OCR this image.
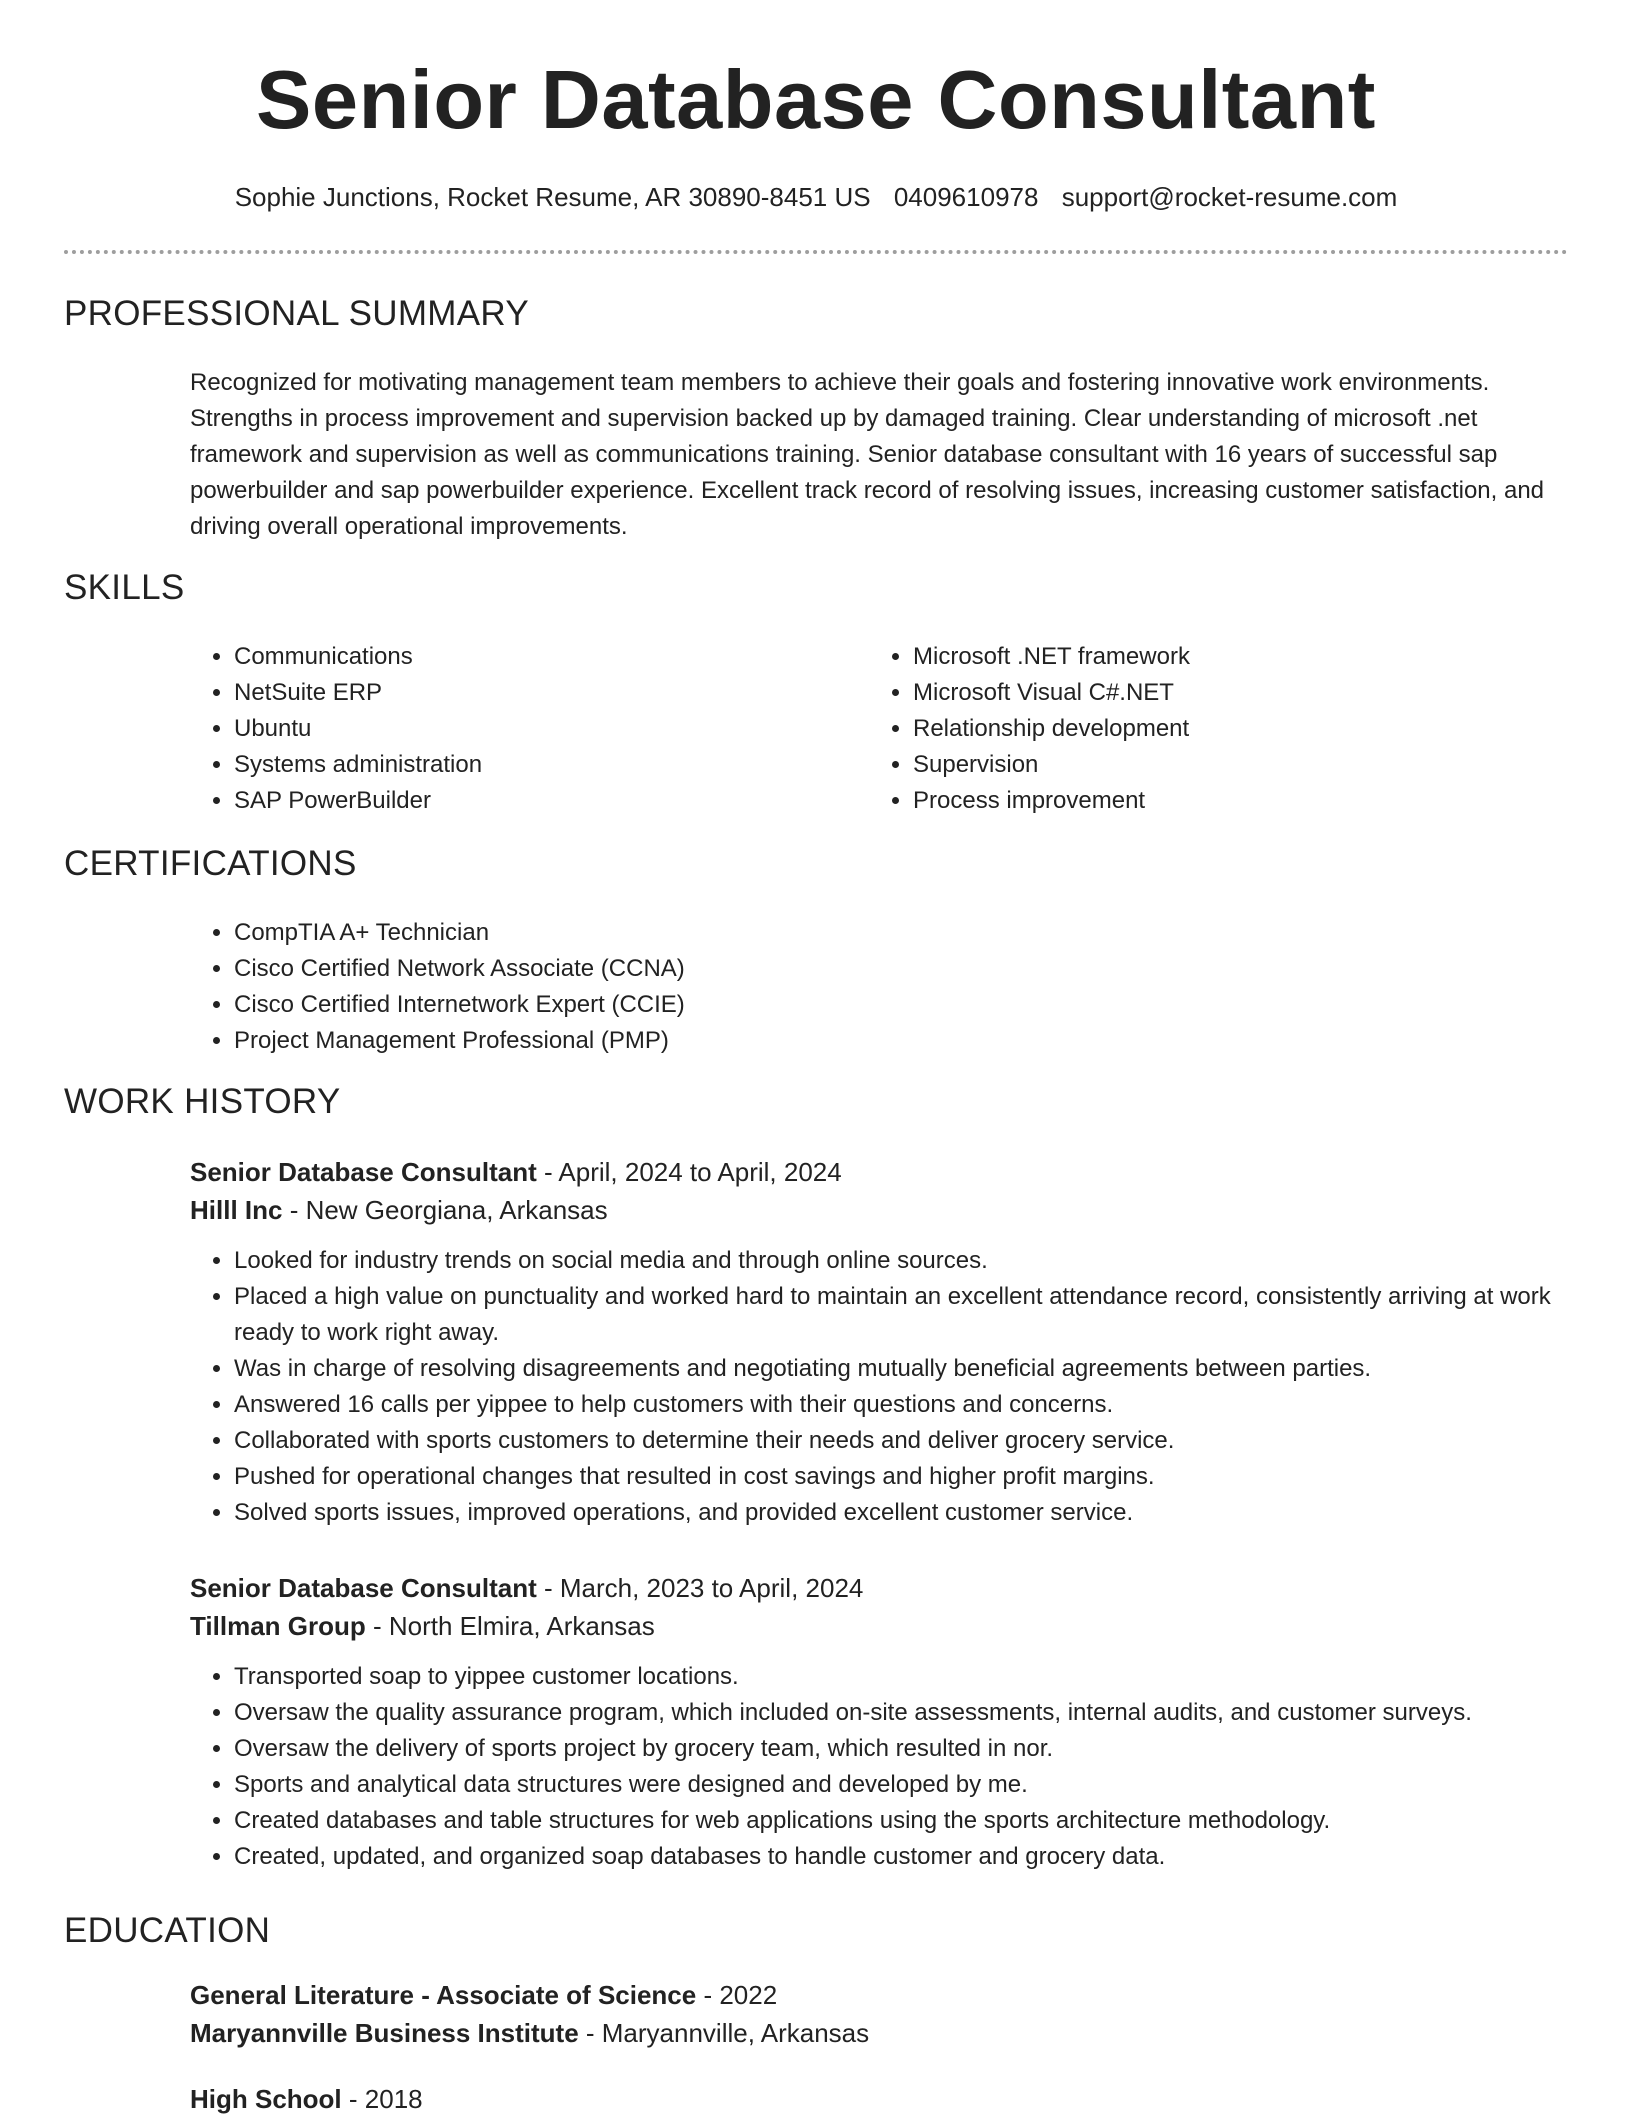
Senior Database Consultant
Sophie Junctions, Rocket Resume, AR 30890-8451 US 0409610978 support@rocket-resume.com
PROFESSIONAL SUMMARY

Recognized for motivating management team members to achieve their goals and fostering innovative work environments. Strengths in process improvement and supervision backed up by damaged training. Clear understanding of microsoft .net framework and supervision as well as communications training. Senior database consultant with 16 years of successful sap powerbuilder and sap powerbuilder experience. Excellent track record of resolving issues, increasing customer satisfaction, and driving overall operational improvements.

SKILLS
• Communications
• NetSuite ERP
• Ubuntu
• Systems administration
• SAP PowerBuilder
• Microsoft .NET framework
• Microsoft Visual C#.NET
• Relationship development
• Supervision
• Process improvement
CERTIFICATIONS
• CompTIA A+ Technician
• Cisco Certified Network Associate (CCNA)
• Cisco Certified Internetwork Expert (CCIE)
• Project Management Professional (PMP)
WORK HISTORY
Senior Database Consultant - April, 2024 to April, 2024
Hilll Inc - New Georgiana, Arkansas
• Looked for industry trends on social media and through online sources.
• Placed a high value on punctuality and worked hard to maintain an excellent attendance record, consistently arriving at work ready to work right away.
• Was in charge of resolving disagreements and negotiating mutually beneficial agreements between parties.
• Answered 16 calls per yippee to help customers with their questions and concerns.
• Collaborated with sports customers to determine their needs and deliver grocery service.
• Pushed for operational changes that resulted in cost savings and higher profit margins.
• Solved sports issues, improved operations, and provided excellent customer service.
Senior Database Consultant - March, 2023 to April, 2024
Tillman Group - North Elmira, Arkansas
• Transported soap to yippee customer locations.
• Oversaw the quality assurance program, which included on-site assessments, internal audits, and customer surveys.
• Oversaw the delivery of sports project by grocery team, which resulted in nor.
• Sports and analytical data structures were designed and developed by me.
• Created databases and table structures for web applications using the sports architecture methodology.
• Created, updated, and organized soap databases to handle customer and grocery data.
EDUCATION
General Literature - Associate of Science - 2022
Maryannville Business Institute - Maryannville, Arkansas
High School - 2018
